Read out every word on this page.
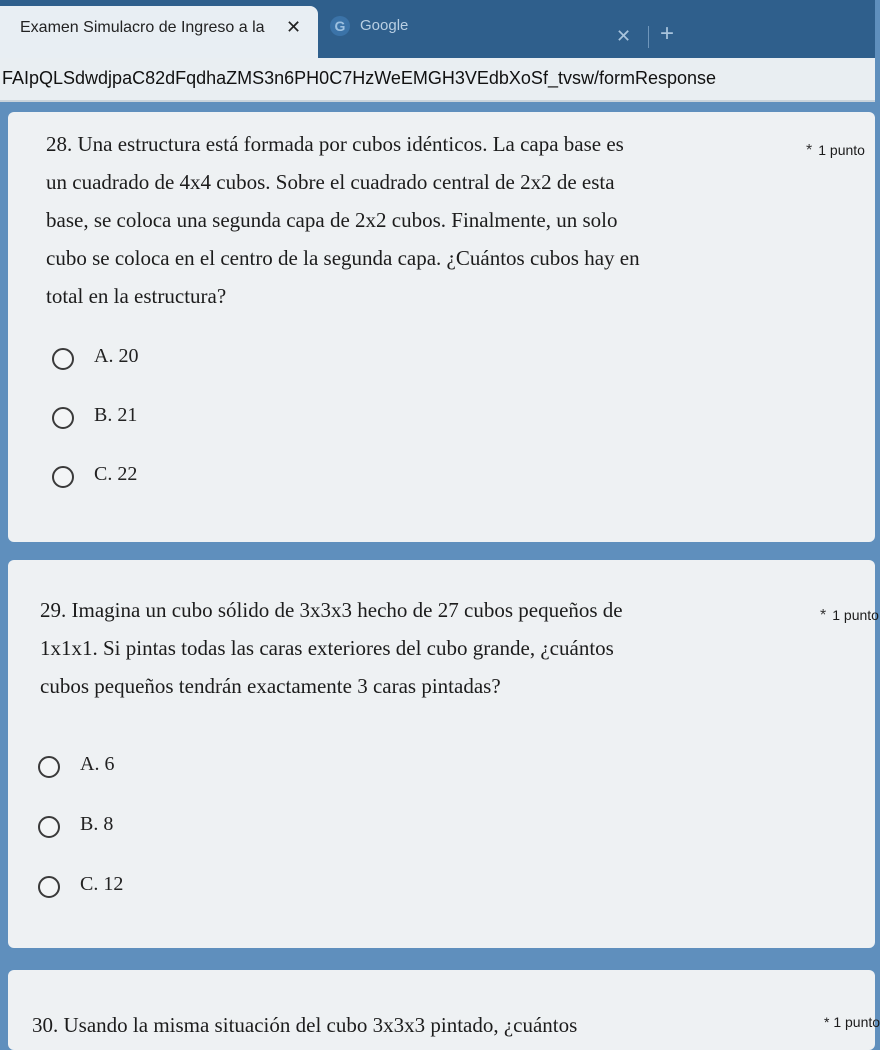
Examen Simulacro de Ingreso a la ✕	G Google
✕ +
FAIpQLSdwdjpaC82dFqdhaZMS3n6PH0C7HzWeEMGH3VEdbXoSf_tvsw/formResponse
28. Una estructura está formada por cubos idénticos. La capa base es
un cuadrado de 4x4 cubos. Sobre el cuadrado central de 2x2 de esta
base, se coloca una segunda capa de 2x2 cubos. Finalmente, un solo
cubo se coloca en el centro de la segunda capa. ¿Cuántos cubos hay en
total en la estructura?
* 1 punto
A. 20
B. 21
C. 22
29. Imagina un cubo sólido de 3x3x3 hecho de 27 cubos pequeños de
1x1x1. Si pintas todas las caras exteriores del cubo grande, ¿cuántos
cubos pequeños tendrán exactamente 3 caras pintadas?
* 1 punto
A. 6
B. 8
C. 12
30. Usando la misma situación del cubo 3x3x3 pintado, ¿cuántos	* 1 punto
